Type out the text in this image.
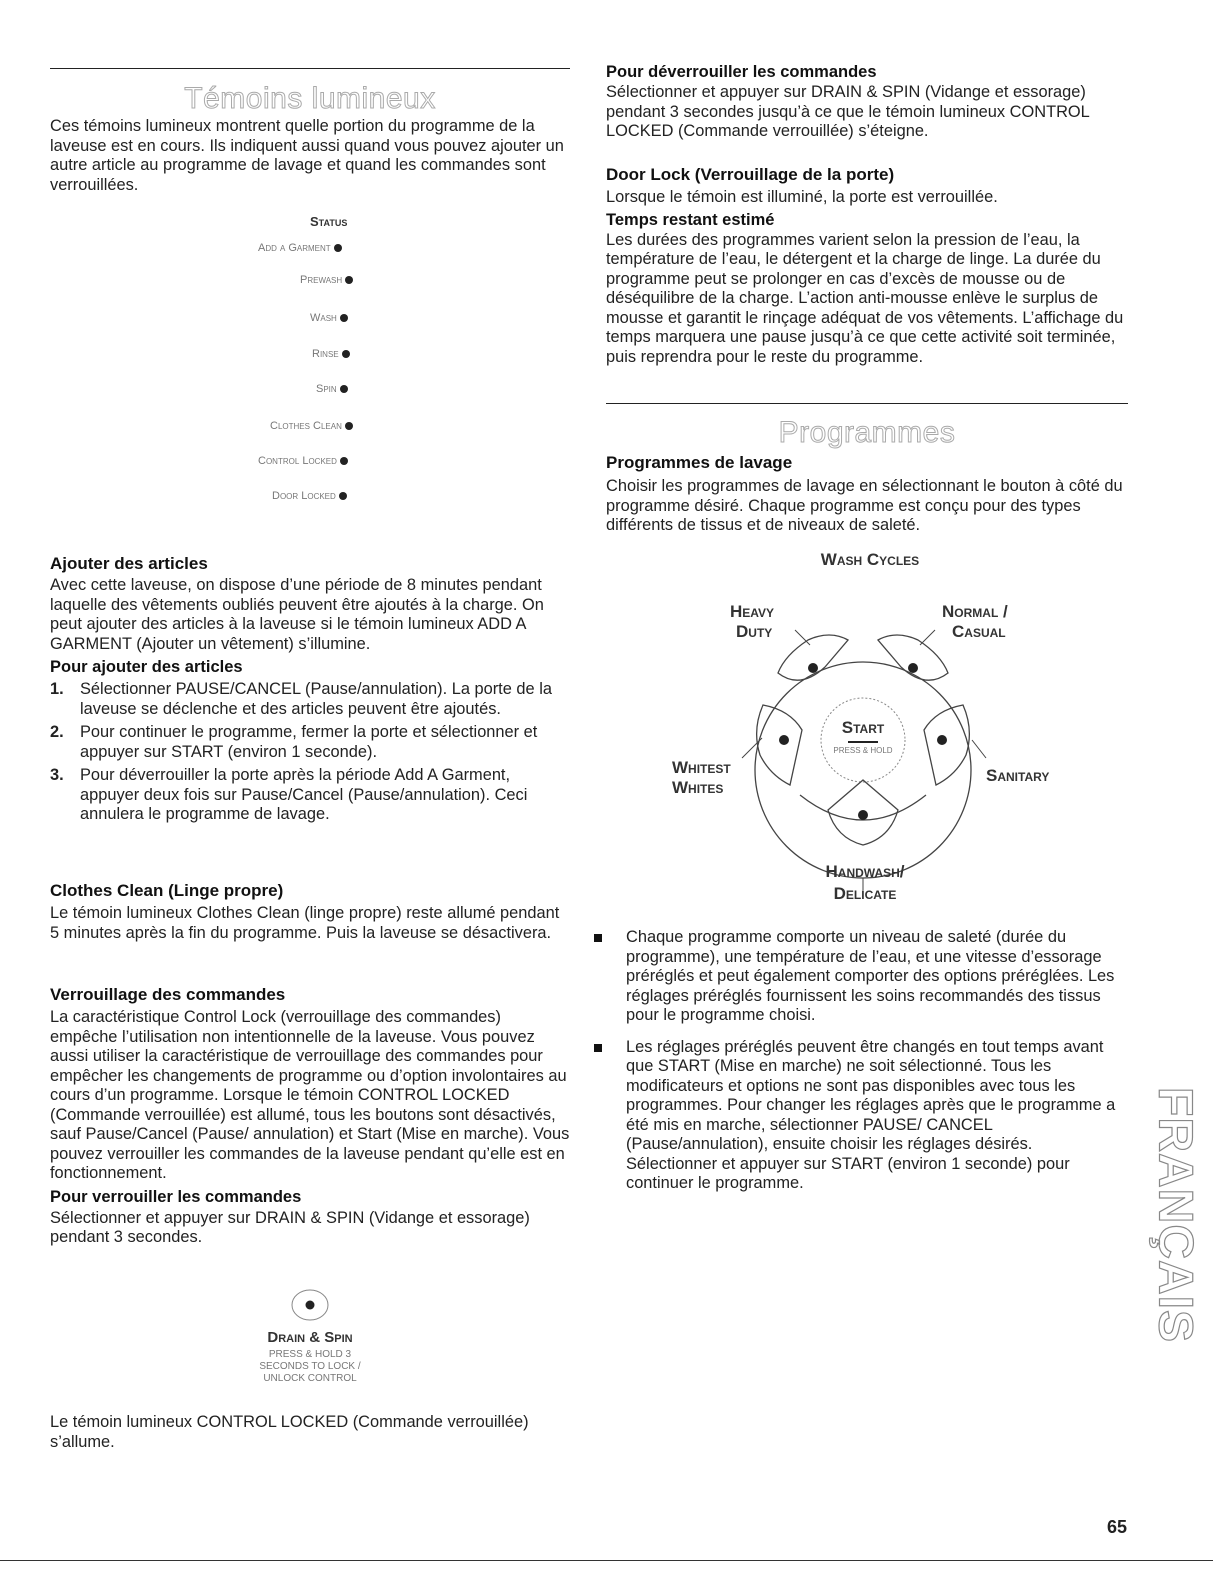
Témoins lumineux

Ces témoins lumineux montrent quelle portion du programme de la laveuse est en cours. Ils indiquent aussi quand vous pouvez ajouter un autre article au programme de lavage et quand les commandes sont verrouillées.

Status
Add a Garment
Prewash
Wash
Rinse
Spin
Clothes Clean
Control Locked
Door Locked
Ajouter des articles

Avec cette laveuse, on dispose d’une période de 8 minutes pendant laquelle des vêtements oubliés peuvent être ajoutés à la charge. On peut ajouter des articles à la laveuse si le témoin lumineux ADD A GARMENT (Ajouter un vêtement) s’illumine.

Pour ajouter des articles
1. Sélectionner PAUSE/CANCEL (Pause/annulation). La porte de la laveuse se déclenche et des articles peuvent être ajoutés.
2. Pour continuer le programme, fermer la porte et sélectionner et appuyer sur START (environ 1 seconde).
3. Pour déverrouiller la porte après la période Add A Garment, appuyer deux fois sur Pause/Cancel (Pause/annulation). Ceci annulera le programme de lavage.
Clothes Clean (Linge propre)

Le témoin lumineux Clothes Clean (linge propre) reste allumé pendant 5 minutes après la fin du programme. Puis la laveuse se désactivera.

Verrouillage des commandes

La caractéristique Control Lock (verrouillage des commandes) empêche l’utilisation non intentionnelle de la laveuse. Vous pouvez aussi utiliser la caractéristique de verrouillage des commandes pour empêcher les changements de programme ou d’option involontaires au cours d’un programme. Lorsque le témoin CONTROL LOCKED (Commande verrouillée) est allumé, tous les boutons sont désactivés, sauf Pause/Cancel (Pause/ annulation) et Start (Mise en marche). Vous pouvez verrouiller les commandes de la laveuse pendant qu’elle est en fonctionnement.

Pour verrouiller les commandes

Sélectionner et appuyer sur DRAIN & SPIN (Vidange et essorage) pendant 3 secondes.

Drain & Spin
PRESS & HOLD 3
SECONDS TO LOCK /
UNLOCK CONTROL

Le témoin lumineux CONTROL LOCKED (Commande verrouillée) s’allume.

Pour déverrouiller les commandes

Sélectionner et appuyer sur DRAIN & SPIN (Vidange et essorage) pendant 3 secondes jusqu’à ce que le témoin lumineux CONTROL LOCKED (Commande verrouillée) s’éteigne.

Door Lock (Verrouillage de la porte)

Lorsque le témoin est illuminé, la porte est verrouillée.

Temps restant estimé

Les durées des programmes varient selon la pression de l’eau, la température de l’eau, le détergent et la charge de linge. La durée du programme peut se prolonger en cas d’excès de mousse ou de déséquilibre de la charge. L’action anti-mousse enlève le surplus de mousse et garantit le rinçage adéquat de vos vêtements. L’affichage du temps marquera une pause jusqu’à ce que cette activité soit terminée, puis reprendra pour le reste du programme.

Programmes
Programmes de lavage

Choisir les programmes de lavage en sélectionnant le bouton à côté du programme désiré. Chaque programme est conçu pour des types différents de tissus et de niveaux de saleté.

Wash Cycles
Start
PRESS & HOLD
Heavy
Duty
Normal /
Casual
Whitest
Whites
Sanitary
Handwash/
Delicate
Chaque programme comporte un niveau de saleté (durée du programme), une température de l’eau, et une vitesse d’essorage préréglés et peut également comporter des options préréglées. Les réglages préréglés fournissent les soins recommandés des tissus pour le programme choisi.
Les réglages préréglés peuvent être changés en tout temps avant que START (Mise en marche) ne soit sélectionné. Tous les modificateurs et options ne sont pas disponibles avec tous les programmes. Pour changer les réglages après que le programme a été mis en marche, sélectionner PAUSE/ CANCEL (Pause/annulation), ensuite choisir les réglages désirés. Sélectionner et appuyer sur START (environ 1 seconde) pour continuer le programme.	FRANÇAIS
65
